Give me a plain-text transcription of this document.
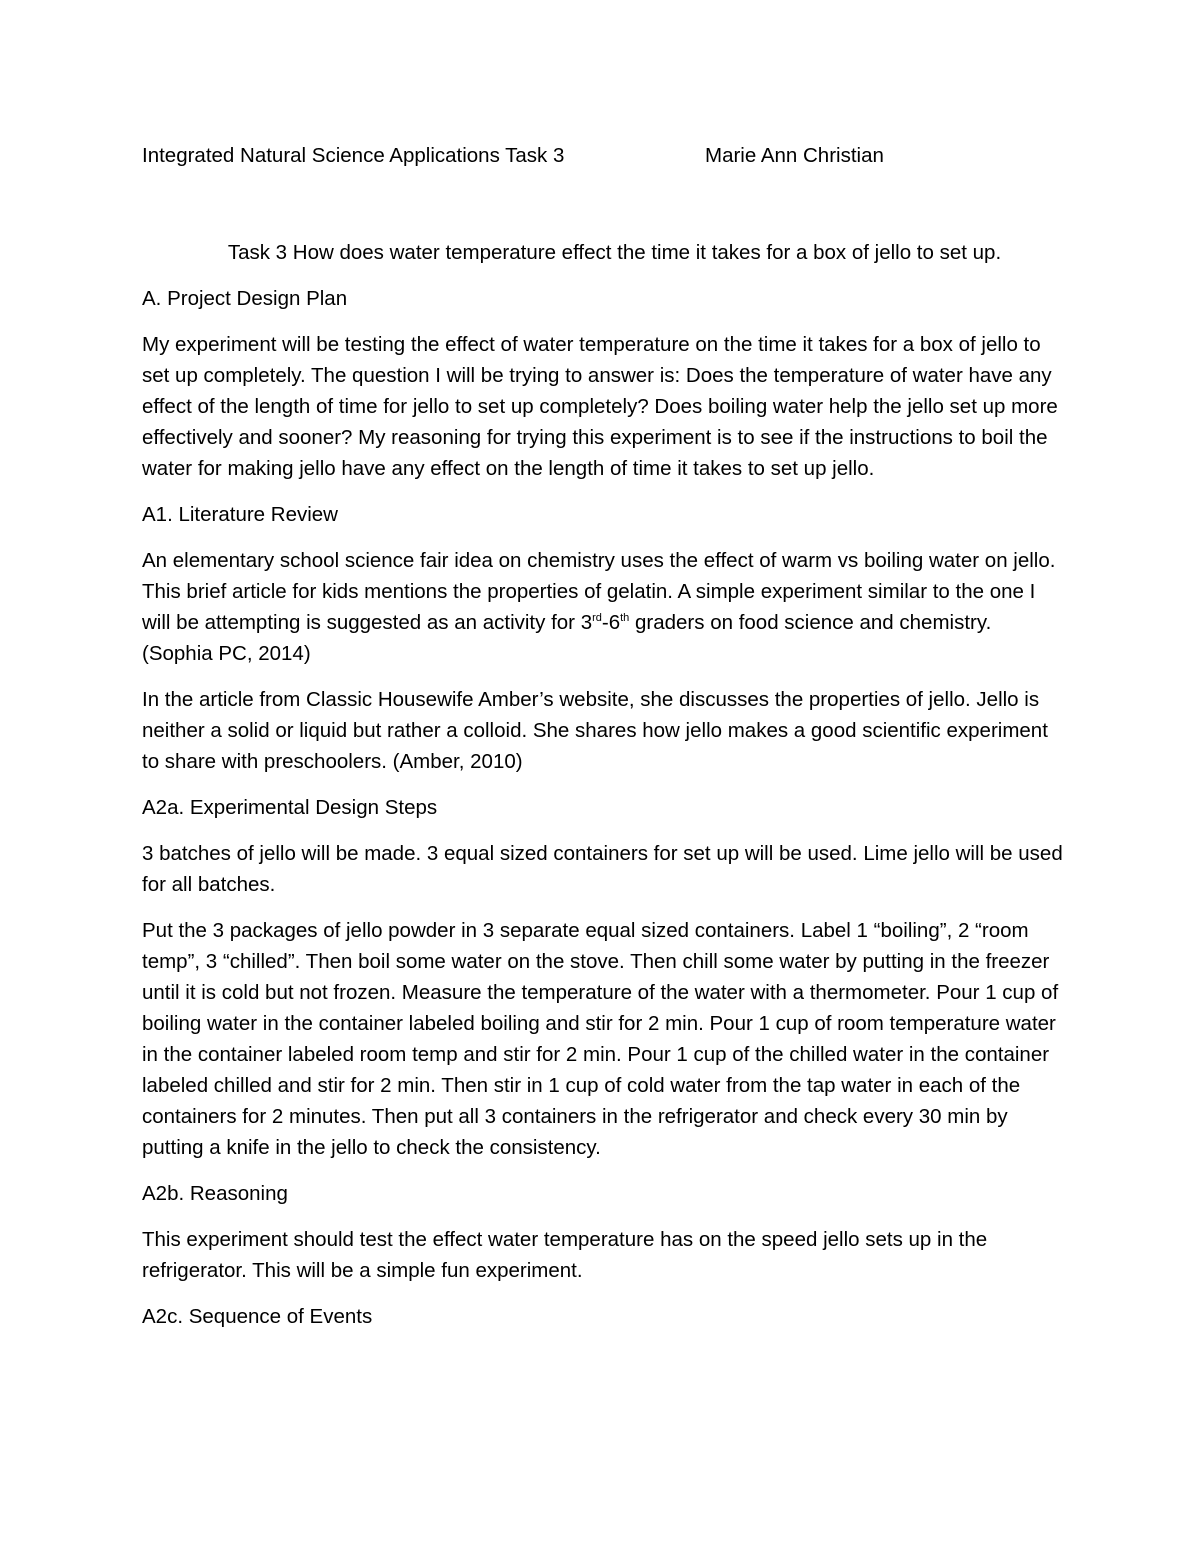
Integrated Natural Science Applications Task 3	Marie Ann Christian

Task 3 How does water temperature effect the time it takes for a box of jello to set up.

A. Project Design Plan

My experiment will be testing the effect of water temperature on the time it takes for a box of jello to set up completely. The question I will be trying to answer is: Does the temperature of water have any effect of the length of time for jello to set up completely? Does boiling water help the jello set up more effectively and sooner? My reasoning for trying this experiment is to see if the instructions to boil the water for making jello have any effect on the length of time it takes to set up jello.

A1. Literature Review

An elementary school science fair idea on chemistry uses the effect of warm vs boiling water on jello. This brief article for kids mentions the properties of gelatin. A simple experiment similar to the one I will be attempting is suggested as an activity for 3rd-6th graders on food science and chemistry. (Sophia PC, 2014)

In the article from Classic Housewife Amber’s website, she discusses the properties of jello. Jello is neither a solid or liquid but rather a colloid. She shares how jello makes a good scientific experiment to share with preschoolers. (Amber, 2010)

A2a. Experimental Design Steps

3 batches of jello will be made. 3 equal sized containers for set up will be used. Lime jello will be used for all batches.

Put the 3 packages of jello powder in 3 separate equal sized containers. Label 1 “boiling”, 2 “room temp”, 3 “chilled”. Then boil some water on the stove. Then chill some water by putting in the freezer until it is cold but not frozen. Measure the temperature of the water with a thermometer. Pour 1 cup of boiling water in the container labeled boiling and stir for 2 min. Pour 1 cup of room temperature water in the container labeled room temp and stir for 2 min. Pour 1 cup of the chilled water in the container labeled chilled and stir for 2 min. Then stir in 1 cup of cold water from the tap water in each of the containers for 2 minutes. Then put all 3 containers in the refrigerator and check every 30 min by putting a knife in the jello to check the consistency.

A2b. Reasoning

This experiment should test the effect water temperature has on the speed jello sets up in the refrigerator. This will be a simple fun experiment.

A2c. Sequence of Events
